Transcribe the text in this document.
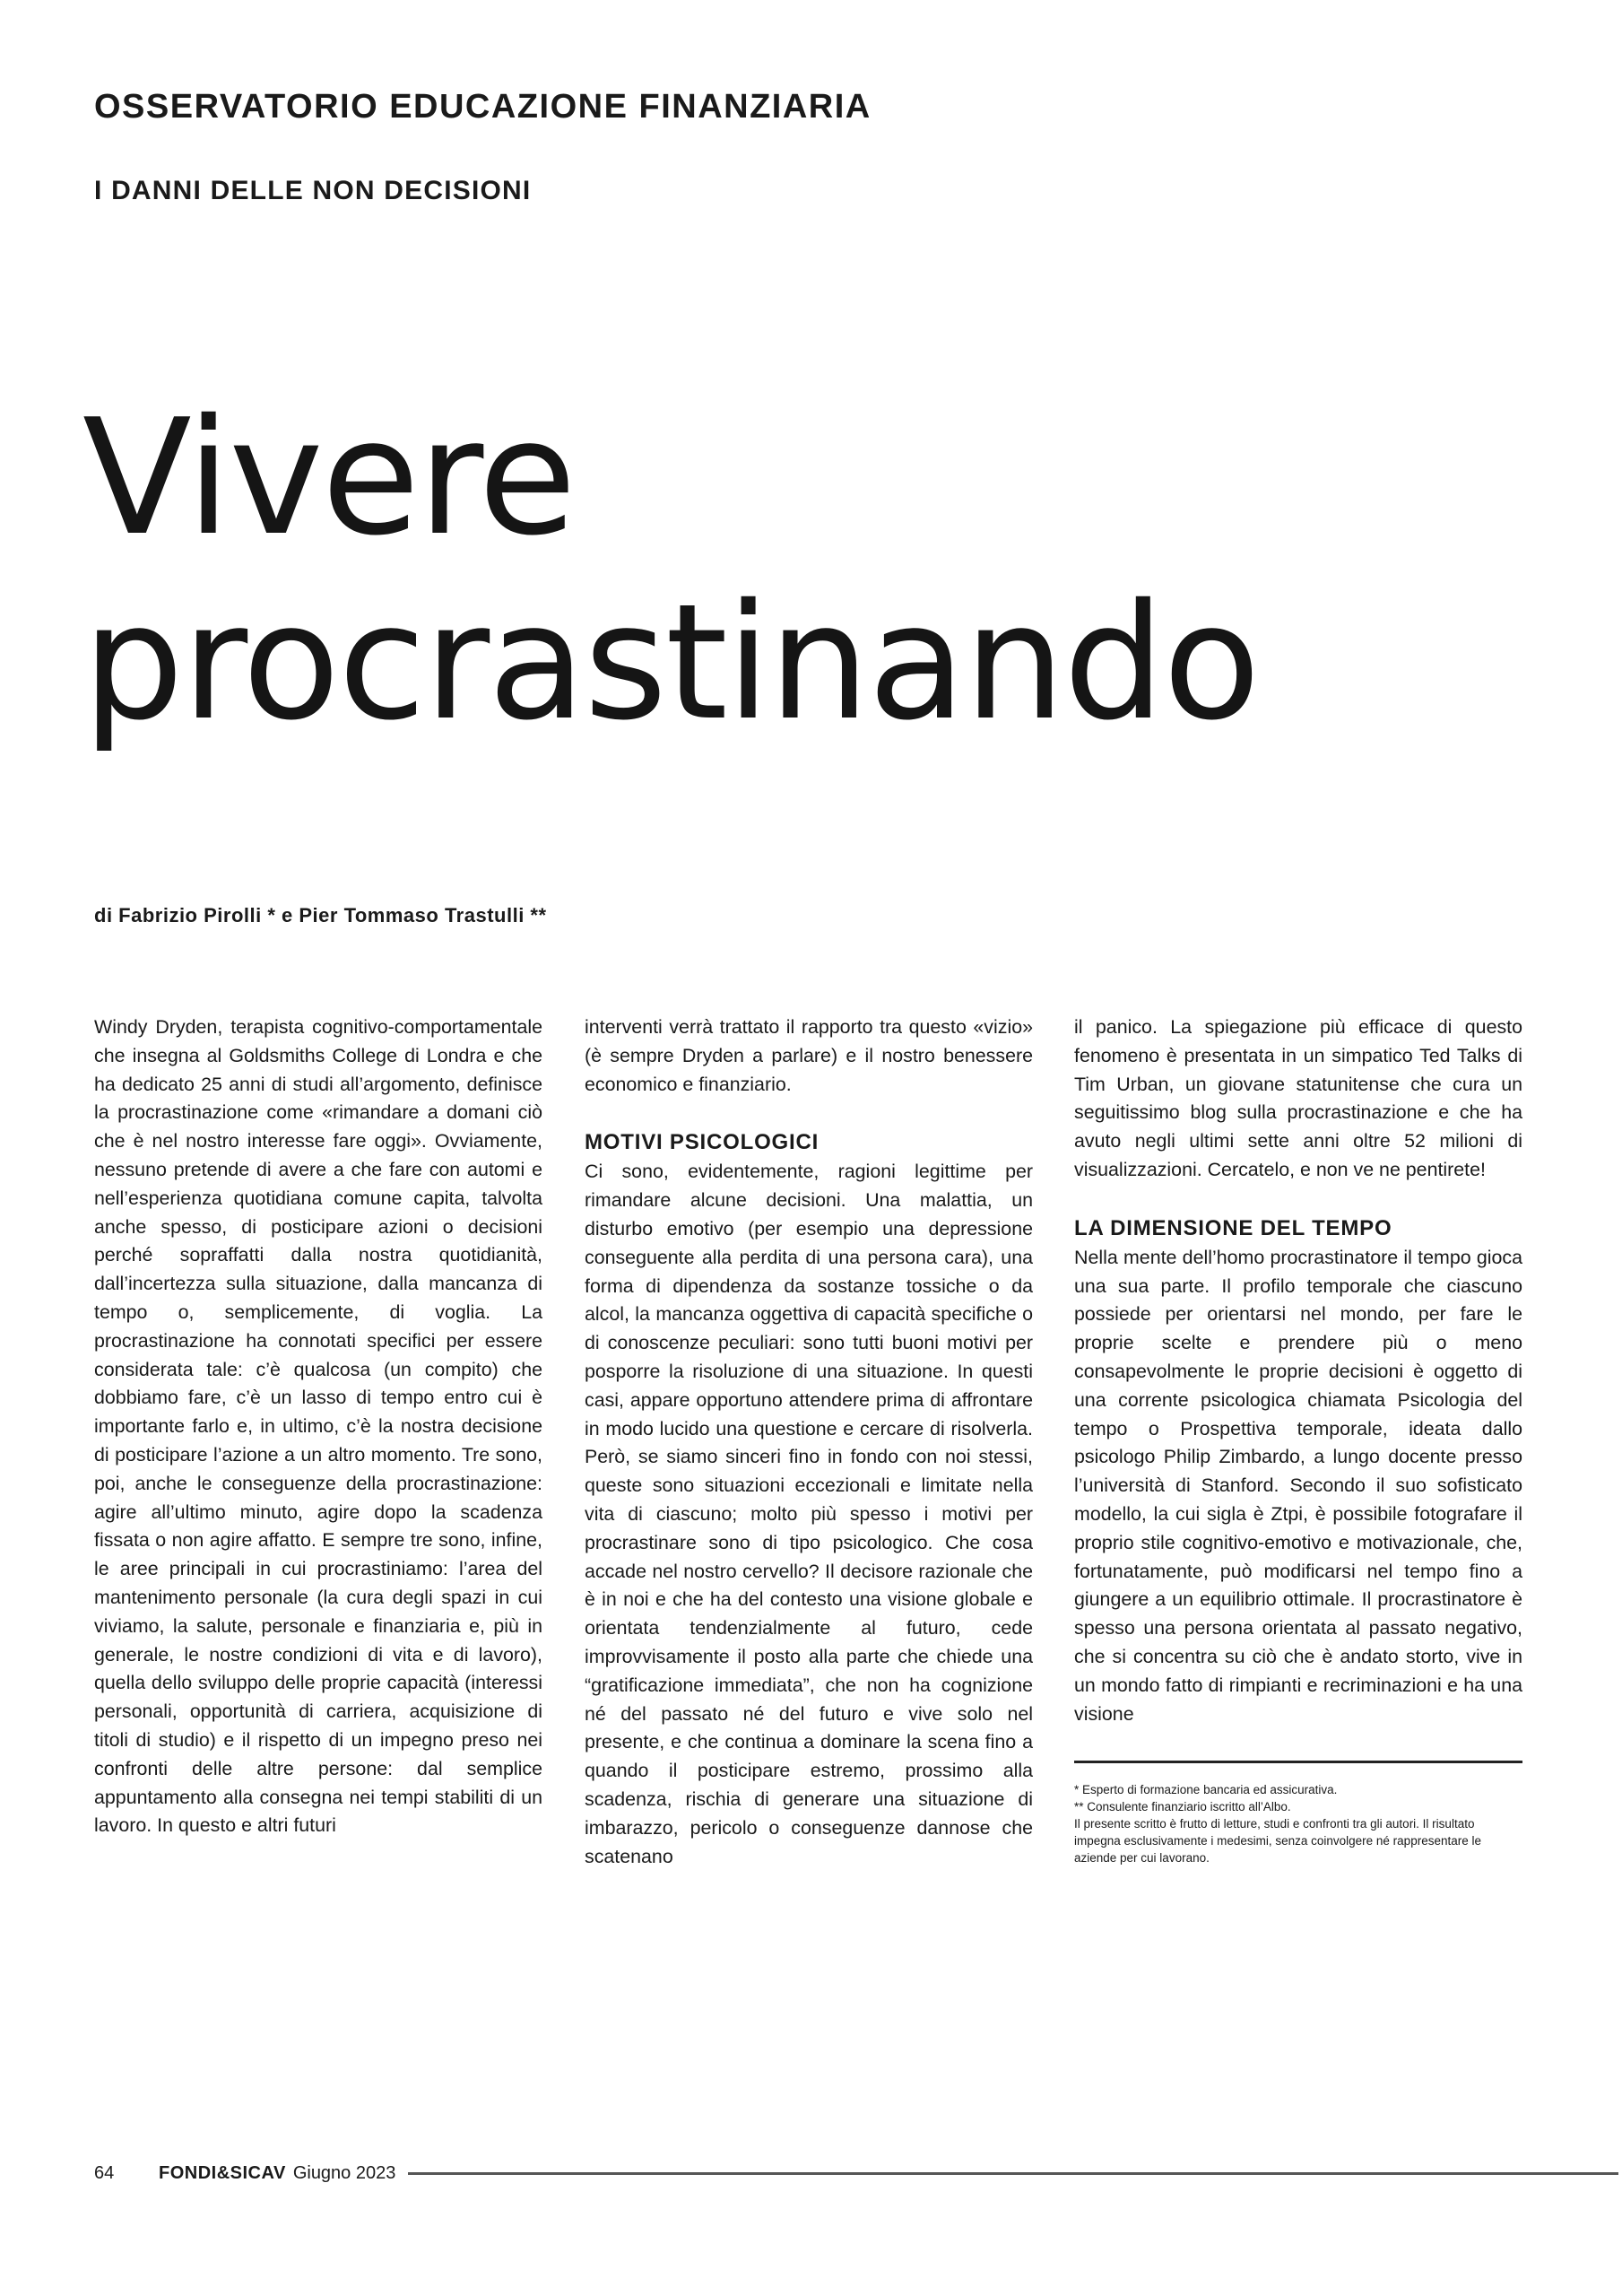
OSSERVATORIO EDUCAZIONE FINANZIARIA
I DANNI DELLE NON DECISIONI
Vivere
procrastinando
di Fabrizio Pirolli * e Pier Tommaso Trastulli **

Windy Dryden, terapista cognitivo-comportamentale che insegna al Goldsmiths College di Londra e che ha dedicato 25 anni di studi all’argomento, definisce la procrastinazione come «rimandare a domani ciò che è nel nostro interesse fare oggi». Ovviamente, nessuno pretende di avere a che fare con automi e nell’esperienza quotidiana comune capita, talvolta anche spesso, di posticipare azioni o decisioni perché sopraffatti dalla nostra quotidianità, dall’incertezza sulla situazione, dalla mancanza di tempo o, semplicemente, di voglia. La procrastinazione ha connotati specifici per essere considerata tale: c’è qualcosa (un compito) che dobbiamo fare, c’è un lasso di tempo entro cui è importante farlo e, in ultimo, c’è la nostra decisione di posticipare l’azione a un altro momento. Tre sono, poi, anche le conseguenze della procrastinazione: agire all’ultimo minuto, agire dopo la scadenza fissata o non agire affatto. E sempre tre sono, infine, le aree principali in cui procrastiniamo: l’area del mantenimento personale (la cura degli spazi in cui viviamo, la salute, personale e finanziaria e, più in generale, le nostre condizioni di vita e di lavoro), quella dello sviluppo delle proprie capacità (interessi personali, opportunità di carriera, acquisizione di titoli di studio) e il rispetto di un impegno preso nei confronti delle altre persone: dal semplice appuntamento alla consegna nei tempi stabiliti di un lavoro. In questo e altri futuri

interventi verrà trattato il rapporto tra questo «vizio» (è sempre Dryden a parlare) e il nostro benessere economico e finanziario.

MOTIVI PSICOLOGICI

Ci sono, evidentemente, ragioni legittime per rimandare alcune decisioni. Una malattia, un disturbo emotivo (per esempio una depressione conseguente alla perdita di una persona cara), una forma di dipendenza da sostanze tossiche o da alcol, la mancanza oggettiva di capacità specifiche o di conoscenze peculiari: sono tutti buoni motivi per posporre la risoluzione di una situazione. In questi casi, appare opportuno attendere prima di affrontare in modo lucido una questione e cercare di risolverla. Però, se siamo sinceri fino in fondo con noi stessi, queste sono situazioni eccezionali e limitate nella vita di ciascuno; molto più spesso i motivi per procrastinare sono di tipo psicologico. Che cosa accade nel nostro cervello? Il decisore razionale che è in noi e che ha del contesto una visione globale e orientata tendenzialmente al futuro, cede improvvisamente il posto alla parte che chiede una “gratificazione immediata”, che non ha cognizione né del passato né del futuro e vive solo nel presente, e che continua a dominare la scena fino a quando il posticipare estremo, prossimo alla scadenza, rischia di generare una situazione di imbarazzo, pericolo o conseguenze dannose che scatenano

il panico. La spiegazione più efficace di questo fenomeno è presentata in un simpatico Ted Talks di Tim Urban, un giovane statunitense che cura un seguitissimo blog sulla procrastinazione e che ha avuto negli ultimi sette anni oltre 52 milioni di visualizzazioni. Cercatelo, e non ve ne pentirete!

LA DIMENSIONE DEL TEMPO

Nella mente dell’homo procrastinatore il tempo gioca una sua parte. Il profilo temporale che ciascuno possiede per orientarsi nel mondo, per fare le proprie scelte e prendere più o meno consapevolmente le proprie decisioni è oggetto di una corrente psicologica chiamata Psicologia del tempo o Prospettiva temporale, ideata dallo psicologo Philip Zimbardo, a lungo docente presso l’università di Stanford. Secondo il suo sofisticato modello, la cui sigla è Ztpi, è possibile fotografare il proprio stile cognitivo-emotivo e motivazionale, che, fortunatamente, può modificarsi nel tempo fino a giungere a un equilibrio ottimale. Il procrastinatore è spesso una persona orientata al passato negativo, che si concentra su ciò che è andato storto, vive in un mondo fatto di rimpianti e recriminazioni e ha una visione

* Esperto di formazione bancaria ed assicurativa.
** Consulente finanziario iscritto all’Albo.
Il presente scritto è frutto di letture, studi e confronti tra gli autori. Il risultato impegna esclusivamente i medesimi, senza coinvolgere né rappresentare le aziende per cui lavorano.
64	FONDI&SICAV Giugno 2023
